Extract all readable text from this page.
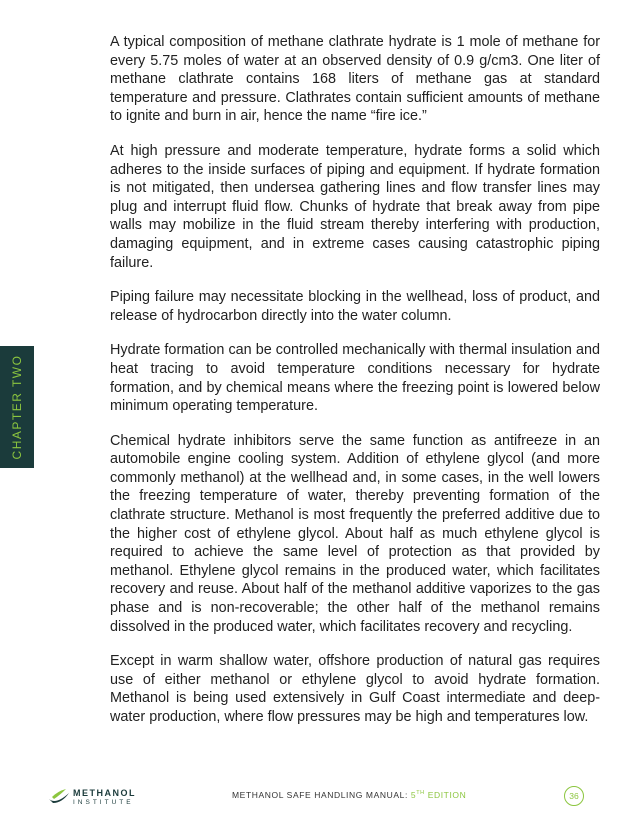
CHAPTER TWO

A typical composition of methane clathrate hydrate is 1 mole of methane for every 5.75 moles of water at an observed density of 0.9 g/cm3. One liter of methane clathrate contains 168 liters of methane gas at standard temperature and pressure. Clathrates contain sufficient amounts of methane to ignite and burn in air, hence the name “fire ice.”

At high pressure and moderate temperature, hydrate forms a solid which adheres to the inside surfaces of piping and equipment. If hydrate formation is not mitigated, then undersea gathering lines and flow transfer lines may plug and interrupt fluid flow. Chunks of hydrate that break away from pipe walls may mobilize in the fluid stream thereby interfering with production, damaging equipment, and in extreme cases causing catastrophic piping failure.

Piping failure may necessitate blocking in the wellhead, loss of product, and release of hydrocarbon directly into the water column.

Hydrate formation can be controlled mechanically with thermal insulation and heat tracing to avoid temperature conditions necessary for hydrate formation, and by chemical means where the freezing point is lowered below minimum operating temperature.

Chemical hydrate inhibitors serve the same function as antifreeze in an automobile engine cooling system. Addition of ethylene glycol (and more commonly methanol) at the wellhead and, in some cases, in the well lowers the freezing temperature of water, thereby preventing formation of the clathrate structure. Methanol is most frequently the preferred additive due to the higher cost of ethylene glycol. About half as much ethylene glycol is required to achieve the same level of protection as that provided by methanol. Ethylene glycol remains in the produced water, which facilitates recovery and reuse. About half of the methanol additive vaporizes to the gas phase and is non-recoverable; the other half of the methanol remains dissolved in the produced water, which facilitates recovery and recycling.

Except in warm shallow water, offshore production of natural gas requires use of either methanol or ethylene glycol to avoid hydrate formation. Methanol is being used extensively in Gulf Coast intermediate and deep-water production, where flow pressures may be high and temperatures low.

METHANOL
INSTITUTE
METHANOL SAFE HANDLING MANUAL: 5TH EDITION	36
